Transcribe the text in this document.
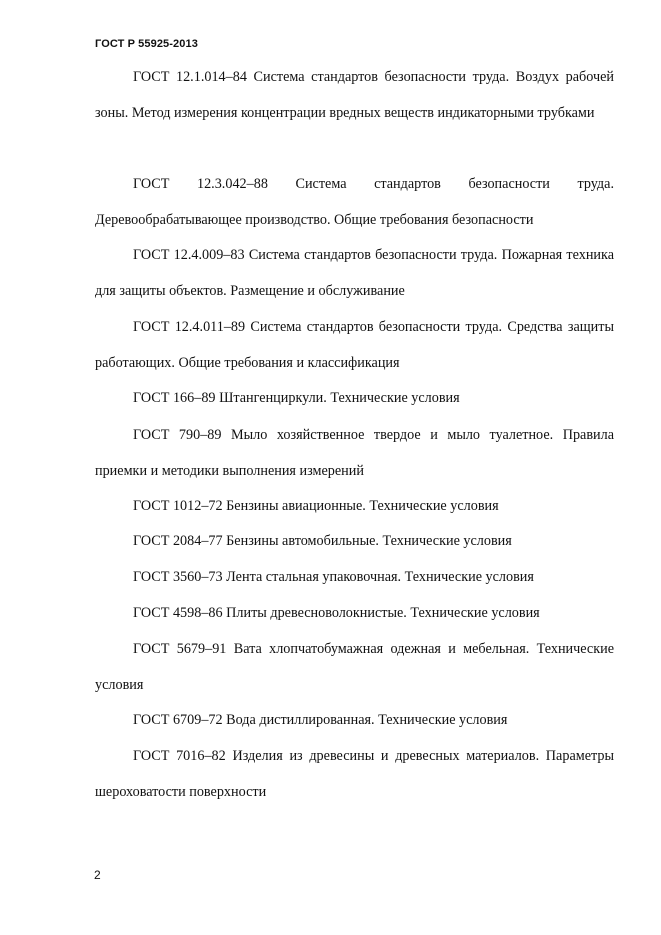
ГОСТ Р 55925-2013

ГОСТ 12.1.014–84 Система стандартов безопасности труда. Воздух рабочей зоны. Метод измерения концентрации вредных веществ индикаторными трубками

ГОСТ 12.3.042–88 Система стандартов безопасности труда. Деревообрабатывающее производство. Общие требования безопасности

ГОСТ 12.4.009–83 Система стандартов безопасности труда. Пожарная техника для защиты объектов. Размещение и обслуживание

ГОСТ 12.4.011–89 Система стандартов безопасности труда. Средства защиты работающих. Общие требования и классификация

ГОСТ 166–89 Штангенциркули. Технические условия

ГОСТ 790–89 Мыло хозяйственное твердое и мыло туалетное. Правила приемки и методики выполнения измерений

ГОСТ 1012–72 Бензины авиационные. Технические условия

ГОСТ 2084–77 Бензины автомобильные. Технические условия

ГОСТ 3560–73 Лента стальная упаковочная. Технические условия

ГОСТ 4598–86 Плиты древесноволокнистые. Технические условия

ГОСТ 5679–91 Вата хлопчатобумажная одежная и мебельная. Технические условия

ГОСТ 6709–72 Вода дистиллированная. Технические условия

ГОСТ 7016–82 Изделия из древесины и древесных материалов. Параметры шероховатости поверхности

2
